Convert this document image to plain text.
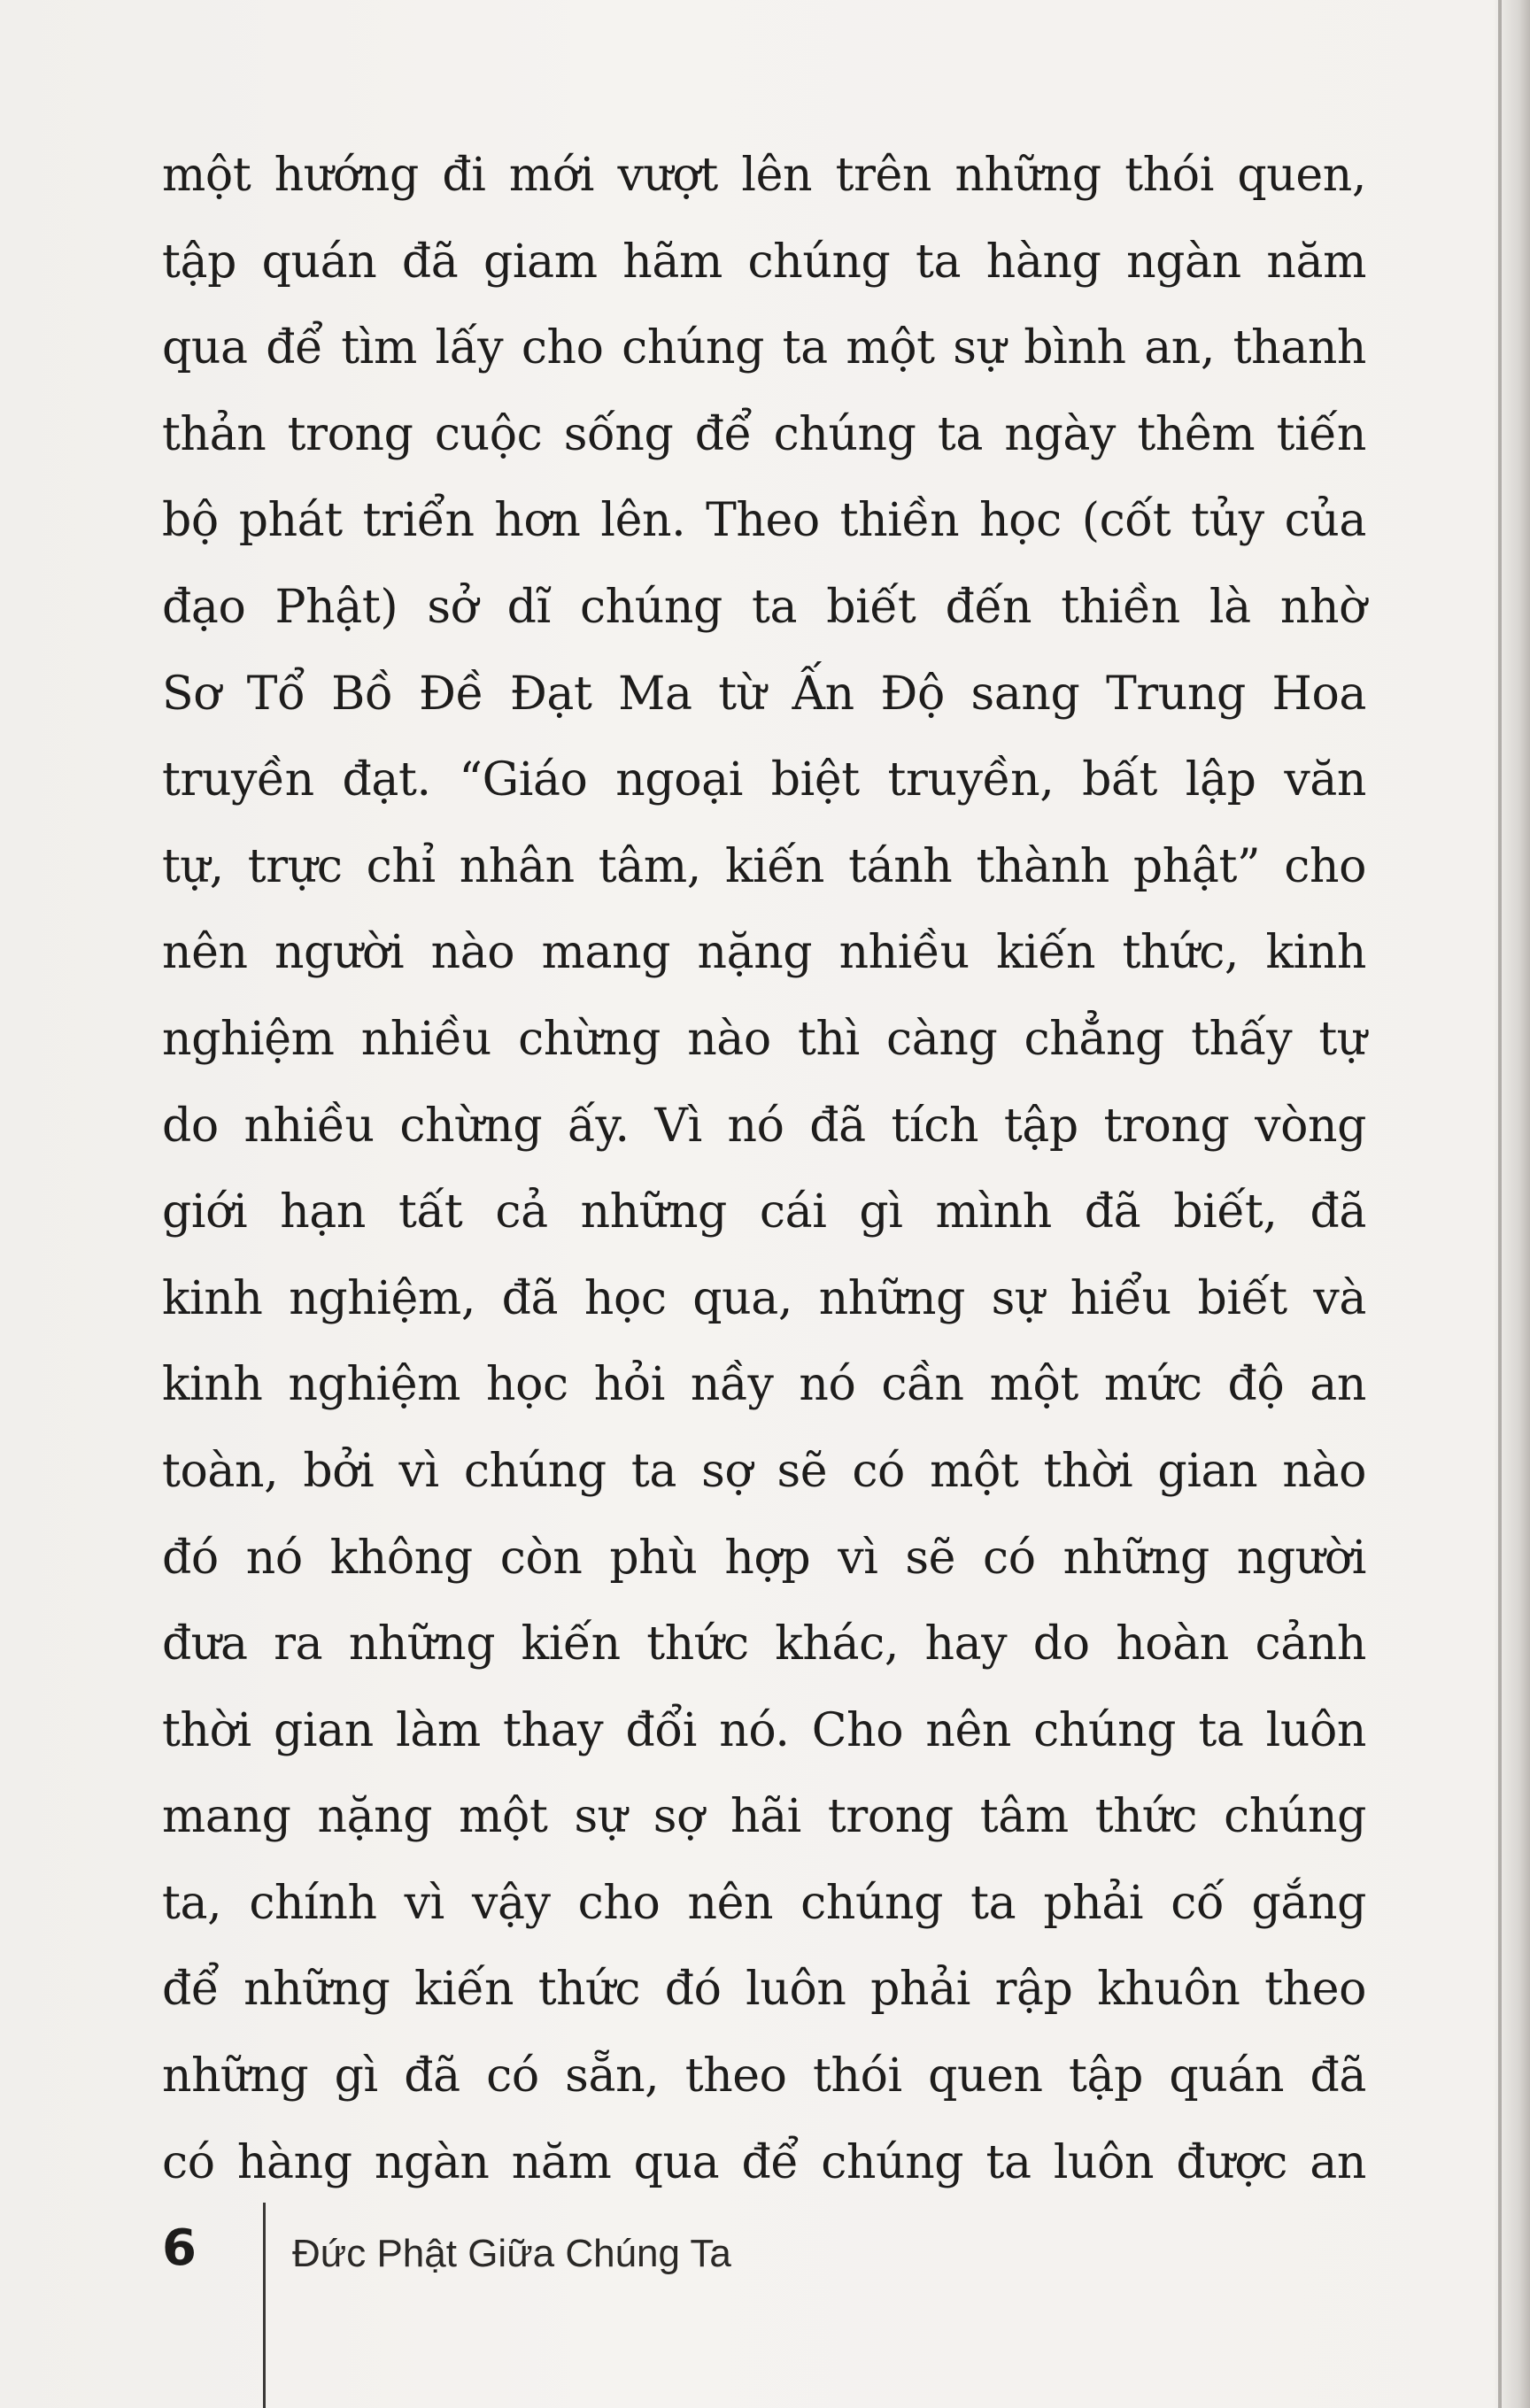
một hướng đi mới vượt lên trên những thói quen,
tập quán đã giam hãm chúng ta hàng ngàn năm
qua để tìm lấy cho chúng ta một sự bình an, thanh
thản trong cuộc sống để chúng ta ngày thêm tiến
bộ phát triển hơn lên. Theo thiền học (cốt tủy của
đạo Phật) sở dĩ chúng ta biết đến thiền là nhờ
Sơ Tổ Bồ Đề Đạt Ma từ Ấn Độ sang Trung Hoa
truyền đạt. “Giáo ngoại biệt truyền, bất lập văn
tự, trực chỉ nhân tâm, kiến tánh thành phật” cho
nên người nào mang nặng nhiều kiến thức, kinh
nghiệm nhiều chừng nào thì càng chẳng thấy tự
do nhiều chừng ấy. Vì nó đã tích tập trong vòng
giới hạn tất cả những cái gì mình đã biết, đã
kinh nghiệm, đã học qua, những sự hiểu biết và
kinh nghiệm học hỏi nầy nó cần một mức độ an
toàn, bởi vì chúng ta sợ sẽ có một thời gian nào
đó nó không còn phù hợp vì sẽ có những người
đưa ra những kiến thức khác, hay do hoàn cảnh
thời gian làm thay đổi nó. Cho nên chúng ta luôn
mang nặng một sự sợ hãi trong tâm thức chúng
ta, chính vì vậy cho nên chúng ta phải cố gắng
để những kiến thức đó luôn phải rập khuôn theo
những gì đã có sẵn, theo thói quen tập quán đã
có hàng ngàn năm qua để chúng ta luôn được an
6 Đức Phật Giữa Chúng Ta
